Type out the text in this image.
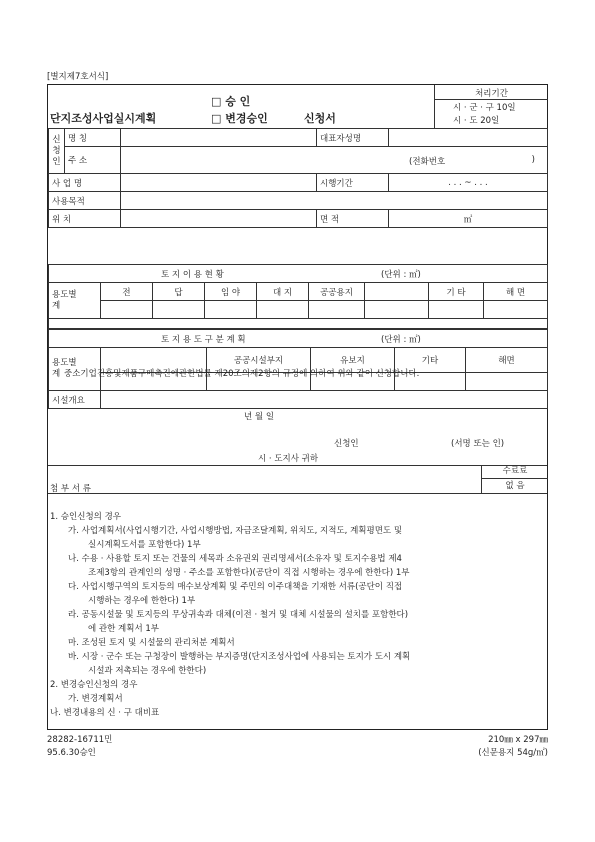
[별지제7호서식]
□ 승 인
단지조성사업실시계획	□ 변경승인	신청서
처리기간
시 · 군 · 구 10일
시 · 도 20일
신 청 인	명 칭		대표자성명	
	주 소	(전화번호 )		

사 업 명			시행기간	. . . ~ . . .
사용목적				
위 치			면 적	㎡
토 지 이 용 현 황 (단위 : ㎡)								

용도별
계	전	답	임 야	대 지	공공용지		기 타	해 면

토 지 용 도 구 분 계 획 (단위 : ㎡)					

용도별
계		공공시설부지	유보지	기타	해면

시설개요					
중소기업진흥및제품구매촉진에관한법률 제20조의제2항의 규정에 의하여 위와 같이 신청합니다.
년 월 일
신청인	(서명 또는 인)
시 · 도지사 귀하
수료료
없 음
첨 부 서 류

1. 승인신청의 경우

가. 사업계획서(사업시행기간, 사업시행방법, 자금조달계획, 위치도, 지적도, 계획평면도 및

실시계획도서를 포함한다) 1부

나. 수용 · 사용할 토지 또는 건물의 세목과 소유권외 권리명세서(소유자 및 토지수용법 제4

조제3항의 관계인의 성명 · 주소를 포함한다)(공단이 직접 시행하는 경우에 한한다) 1부

다. 사업시행구역의 토지등의 매수보상계획 및 주민의 이주대책을 기재한 서류(공단이 직접

시행하는 경우에 한한다) 1부

라. 공동시설물 및 토지등의 무상귀속과 대체(이전 · 철거 및 대체 시설물의 설치를 포함한다)

에 관한 계획서 1부

마. 조성된 토지 및 시설물의 관리처분 계획서

바. 시장 · 군수 또는 구청장이 발행하는 부지증명(단지조성사업에 사용되는 토지가 도시 계획

시설과 저촉되는 경우에 한한다)

2. 변경승인신청의 경우

가. 변경계획서

나. 변경내용의 신 · 구 대비표

28282-16711민
95.6.30승인
210㎜ x 297㎜
(신문용지 54g/㎡)
